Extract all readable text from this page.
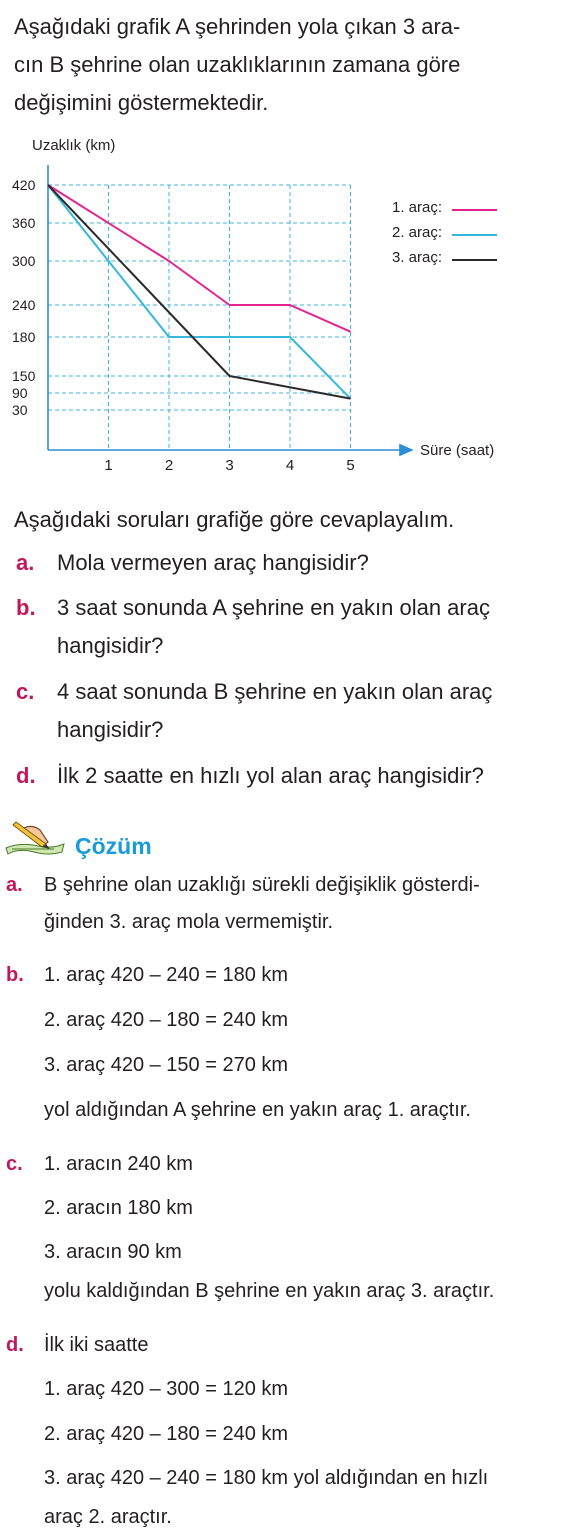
Aşağıdaki grafik A şehrinden yola çıkan 3 ara-
cın B şehrine olan uzaklıklarının zamana göre
değişimini göstermektedir.
Uzaklık (km)
Süre (saat)
420
360
300
240
180
150
90
30
1	2	3	4	5
1. araç:
2. araç:
3. araç:
Aşağıdaki soruları grafiğe göre cevaplayalım.
a. Mola vermeyen araç hangisidir?
b. 3 saat sonunda A şehrine en yakın olan araç
hangisidir?
c. 4 saat sonunda B şehrine en yakın olan araç
hangisidir?
d. İlk 2 saatte en hızlı yol alan araç hangisidir?
Çözüm
a. B şehrine olan uzaklığı sürekli değişiklik gösterdi-
ğinden 3. araç mola vermemiştir.
b. 1. araç 420 – 240 = 180 km
2. araç 420 – 180 = 240 km
3. araç 420 – 150 = 270 km
yol aldığından A şehrine en yakın araç 1. araçtır.
c. 1. aracın 240 km
2. aracın 180 km
3. aracın 90 km
yolu kaldığından B şehrine en yakın araç 3. araçtır.
d. İlk iki saatte
1. araç 420 – 300 = 120 km
2. araç 420 – 180 = 240 km
3. araç 420 – 240 = 180 km yol aldığından en hızlı
araç 2. araçtır.
